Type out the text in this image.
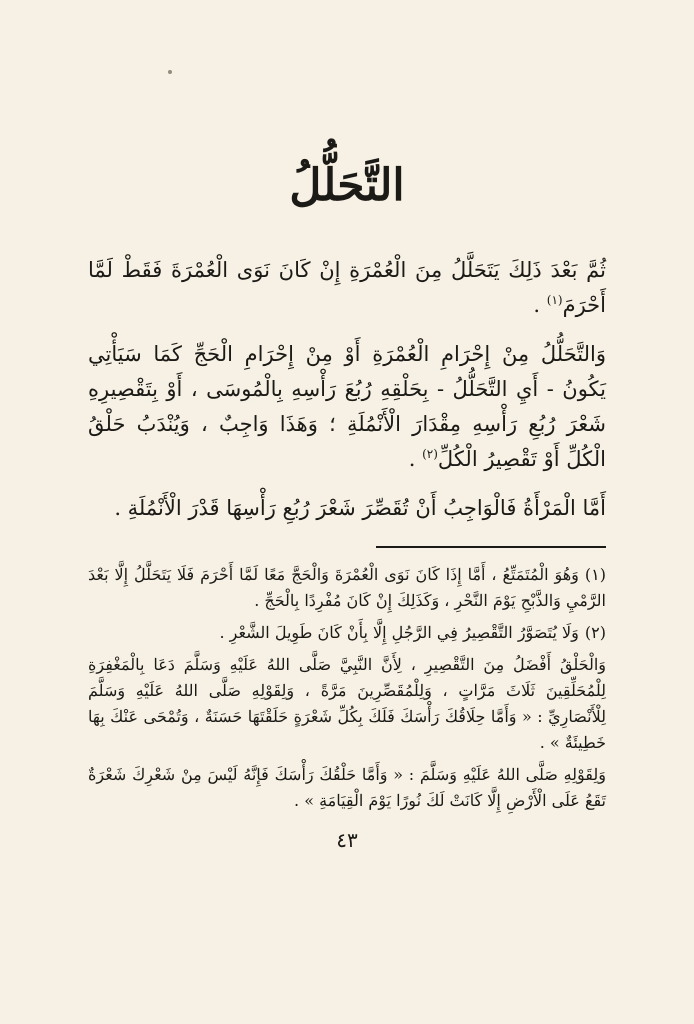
التَّحَلُّلُ

ثُمَّ بَعْدَ ذَلِكَ يَتَحَلَّلُ مِنَ الْعُمْرَةِ إِنْ كَانَ نَوَى الْعُمْرَةَ فَقَطْ لَمَّا أَحْرَمَ$^{(١)}$ .

وَالتَّحَلُّلُ مِنْ إِحْرَامِ الْعُمْرَةِ أَوْ مِنْ إِحْرَامِ الْحَجِّ كَمَا سَيَأْتِي يَكُونُ - أَيِ التَّحَلُّلُ - بِحَلْقِهِ رُبُعَ رَأْسِهِ بِالْمُوسَى ، أَوْ بِتَقْصِيرِهِ شَعْرَ رُبُعِ رَأْسِهِ مِقْدَارَ الْأَنْمُلَةِ ؛ وَهَذَا وَاجِبٌ ، وَيُنْدَبُ حَلْقُ الْكُلِّ أَوْ تَقْصِيرُ الْكُلِّ$^{(٢)}$ .

أَمَّا الْمَرْأَةُ فَالْوَاجِبُ أَنْ تُقَصِّرَ شَعْرَ رُبُعِ رَأْسِهَا قَدْرَ الْأَنْمُلَةِ .

(١)وَهُوَ الْمُتَمَتِّعُ ، أَمَّا إِذَا كَانَ نَوَى الْعُمْرَةَ وَالْحَجَّ مَعًا لَمَّا أَحْرَمَ فَلَا يَتَحَلَّلُ إِلَّا بَعْدَ الرَّمْيِ وَالذَّبْحِ يَوْمَ النَّحْرِ ، وَكَذَلِكَ إِنْ كَانَ مُفْرِدًا بِالْحَجِّ .

(٢)وَلَا يُتَصَوَّرُ التَّقْصِيرُ فِي الرَّجُلِ إِلَّا بِأَنْ كَانَ طَوِيلَ الشَّعْرِ .

وَالْحَلْقُ أَفْضَلُ مِنَ التَّقْصِيرِ ، لِأَنَّ النَّبِيَّ صَلَّى اللهُ عَلَيْهِ وَسَلَّمَ دَعَا بِالْمَغْفِرَةِ لِلْمُحَلِّقِينَ ثَلَاثَ مَرَّاتٍ ، وَلِلْمُقَصِّرِينَ مَرَّةً ، وَلِقَوْلِهِ صَلَّى اللهُ عَلَيْهِ وَسَلَّمَ لِلْأَنْصَارِيِّ : « وَأَمَّا حِلَاقُكَ رَأْسَكَ فَلَكَ بِكُلِّ شَعْرَةٍ حَلَقْتَهَا حَسَنَةٌ ، وَتُمْحَى عَنْكَ بِهَا خَطِيئَةٌ » .

وَلِقَوْلِهِ صَلَّى اللهُ عَلَيْهِ وَسَلَّمَ : « وَأَمَّا حَلْقُكَ رَأْسَكَ فَإِنَّهُ لَيْسَ مِنْ شَعْرِكَ شَعْرَةٌ تَقَعُ عَلَى الْأَرْضِ إِلَّا كَانَتْ لَكَ نُورًا يَوْمَ الْقِيَامَةِ » .

٤٣
